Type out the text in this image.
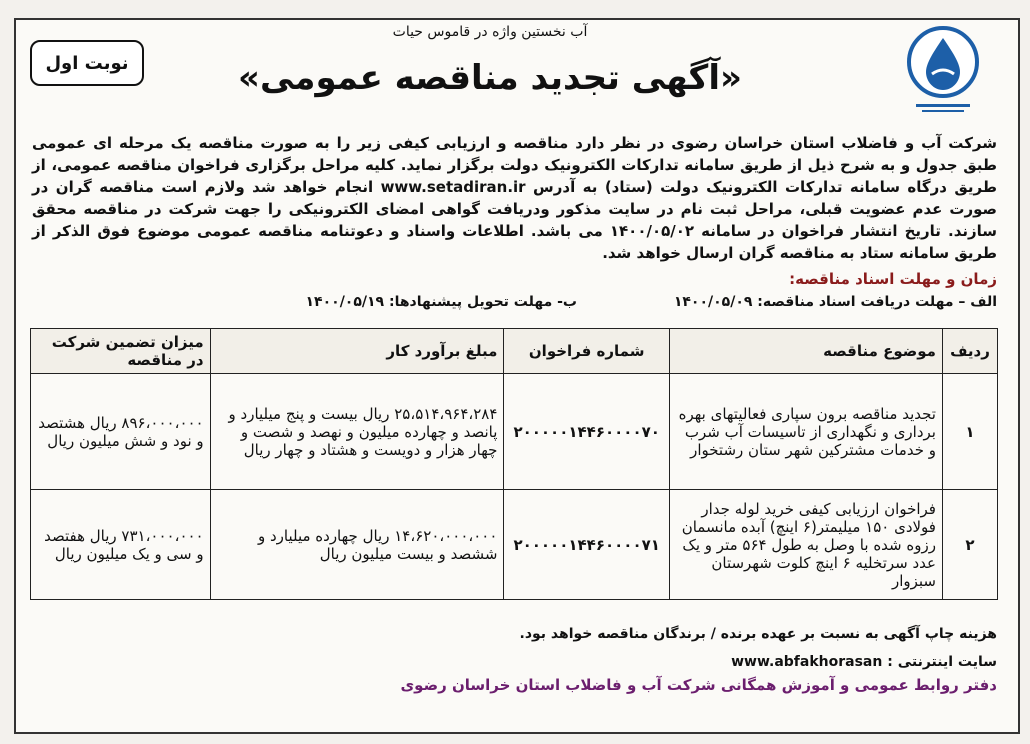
نوبت اول
آب نخستین واژه در قاموس حیات
«آگهی تجدید مناقصه عمومی»
شرکت آب و فاضلاب استان خراسان رضوی در نظر دارد مناقصه و ارزیابی کیفی زیر را به صورت مناقصه یک مرحله ای عمومی طبق جدول و به شرح ذیل از طریق سامانه تدارکات الکترونیک دولت برگزار نماید. کلیه مراحل برگزاری فراخوان مناقصه عمومی، از طریق درگاه سامانه تدارکات الکترونیک دولت (ستاد) به آدرس www.setadiran.ir انجام خواهد شد ولازم است مناقصه گران در صورت عدم عضویت قبلی، مراحل ثبت نام در سایت مذکور ودریافت گواهی امضای الکترونیکی را جهت شرکت در مناقصه محقق سازند. تاریخ انتشار فراخوان در سامانه ۱۴۰۰/۰۵/۰۲ می باشد. اطلاعات واسناد و دعوتنامه مناقصه عمومی موضوع فوق الذکر از طریق سامانه ستاد به مناقصه گران ارسال خواهد شد.
زمان و مهلت اسناد مناقصه:
الف – مهلت دریافت اسناد مناقصه: ۱۴۰۰/۰۵/۰۹
ب- مهلت تحویل پیشنهادها: ۱۴۰۰/۰۵/۱۹
ردیف	موضوع مناقصه	شماره فراخوان	مبلغ برآورد کار	میزان تضمین شرکت در مناقصه
۱	تجدید مناقصه برون سپاری فعالیتهای بهره برداری و نگهداری از تاسیسات آب شرب و خدمات مشترکین شهر ستان رشتخوار	۲۰۰۰۰۰۱۴۴۶۰۰۰۰۷۰	۲۵،۵۱۴،۹۶۴،۲۸۴ ریال بیست و پنج میلیارد و پانصد و چهارده میلیون و نهصد و شصت و چهار هزار و دویست و هشتاد و چهار ریال	۸۹۶،۰۰۰،۰۰۰ ریال هشتصد و نود و شش میلیون ریال
۲	فراخوان ارزیابی کیفی خرید لوله جدار فولادی ۱۵۰ میلیمتر(۶ اینچ) آبده مانسمان رزوه شده با وصل به طول ۵۶۴ متر و یک عدد سرتخلیه ۶ اینچ کلوت شهرستان سبزوار	۲۰۰۰۰۰۱۴۴۶۰۰۰۰۷۱	۱۴،۶۲۰،۰۰۰،۰۰۰ ریال چهارده میلیارد و ششصد و بیست میلیون ریال	۷۳۱،۰۰۰،۰۰۰ ریال هفتصد و سی و یک میلیون ریال
هزینه چاپ آگهی به نسبت بر عهده برنده / برندگان مناقصه خواهد بود.
سایت اینترنتی : www.abfakhorasan
دفتر روابط عمومی و آموزش همگانی شرکت آب و فاضلاب استان خراسان رضوی
